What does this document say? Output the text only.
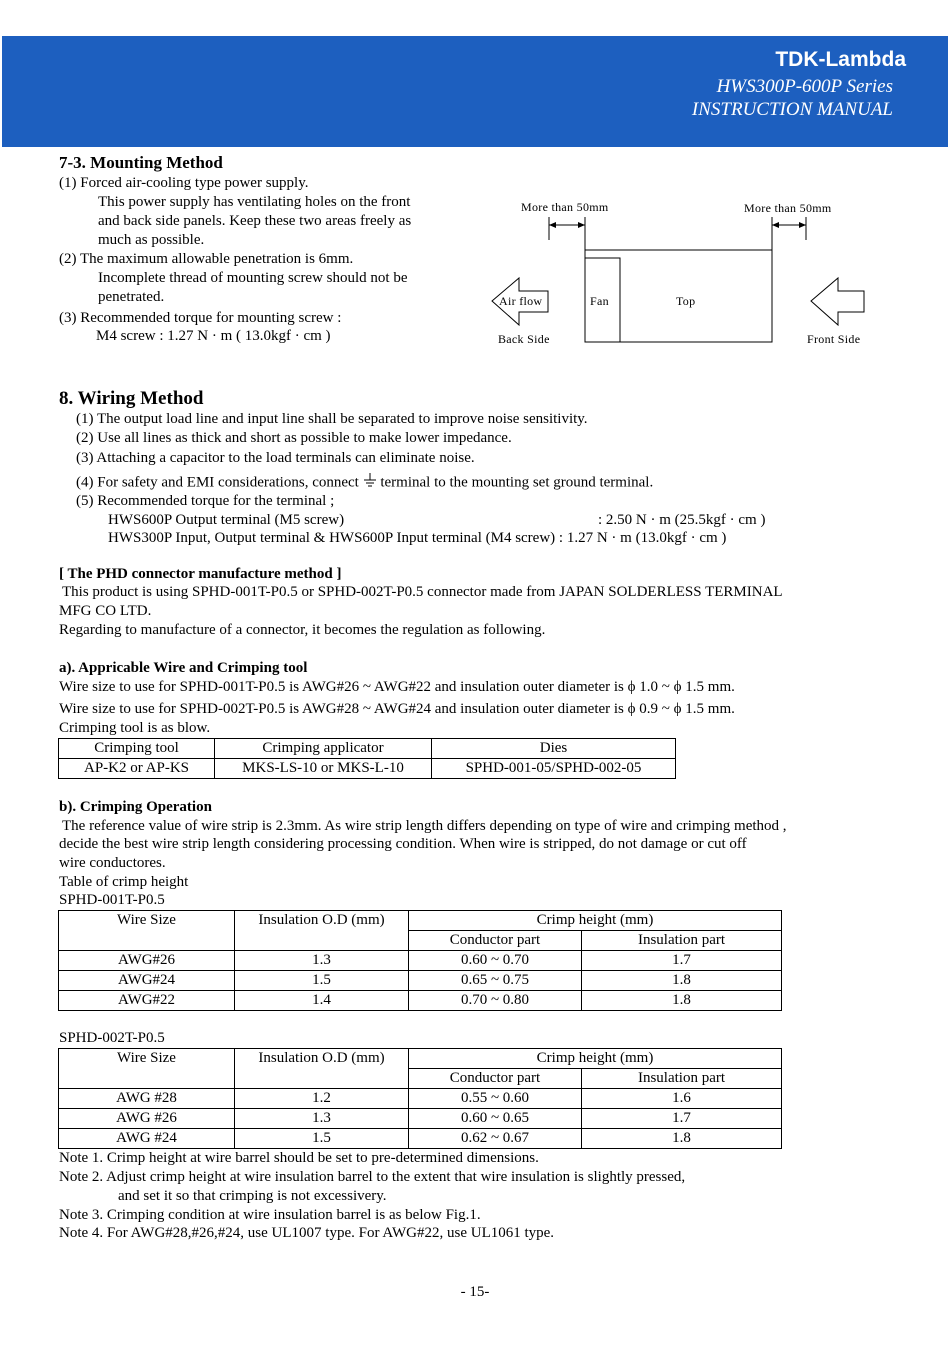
TDK-Lambda
HWS300P-600P Series
INSTRUCTION MANUAL
7-3. Mounting Method
(1) Forced air-cooling type power supply.
This power supply has ventilating holes on the front
and back side panels. Keep these two areas freely as
much as possible.
(2) The maximum allowable penetration is 6mm.
Incomplete thread of mounting screw should not be
penetrated.
(3) Recommended torque for mounting screw :
M4 screw : 1.27 N · m ( 13.0kgf · cm )
More than 50mm	More than 50mm
Air flow	Fan	Top
Back Side	Front Side
8. Wiring Method
(1) The output load line and input line shall be separated to improve noise sensitivity.
(2) Use all lines as thick and short as possible to make lower impedance.
(3) Attaching a capacitor to the load terminals can eliminate noise.
(4) For safety and EMI considerations, connect terminal to the mounting set ground terminal.
(5) Recommended torque for the terminal ;
HWS600P Output terminal (M5 screw)	: 2.50 N · m (25.5kgf · cm )
HWS300P Input, Output terminal & HWS600P Input terminal (M4 screw) : 1.27 N · m (13.0kgf · cm )
[ The PHD connector manufacture method ]
This product is using SPHD-001T-P0.5 or SPHD-002T-P0.5 connector made from JAPAN SOLDERLESS TERMINAL
MFG CO LTD.
Regarding to manufacture of a connector, it becomes the regulation as following.
a). Appricable Wire and Crimping tool
Wire size to use for SPHD-001T-P0.5 is AWG#26 ~ AWG#22 and insulation outer diameter is ϕ 1.0 ~ ϕ 1.5 mm.
Wire size to use for SPHD-002T-P0.5 is AWG#28 ~ AWG#24 and insulation outer diameter is ϕ 0.9 ~ ϕ 1.5 mm.
Crimping tool is as blow.
Crimping tool	Crimping applicator	Dies
AP-K2 or AP-KS	MKS-LS-10 or MKS-L-10	SPHD-001-05/SPHD-002-05
b). Crimping Operation
The reference value of wire strip is 2.3mm. As wire strip length differs depending on type of wire and crimping method ,
decide the best wire strip length considering processing condition. When wire is stripped, do not damage or cut off
wire conductores.
Table of crimp height
SPHD-001T-P0.5
Wire Size	Insulation O.D (mm)	Crimp height (mm)	
		Conductor part	Insulation part
AWG#26	1.3	0.60 ~ 0.70	1.7
AWG#24	1.5	0.65 ~ 0.75	1.8
AWG#22	1.4	0.70 ~ 0.80	1.8
SPHD-002T-P0.5
Wire Size	Insulation O.D (mm)	Crimp height (mm)	
		Conductor part	Insulation part
AWG #28	1.2	0.55 ~ 0.60	1.6
AWG #26	1.3	0.60 ~ 0.65	1.7
AWG #24	1.5	0.62 ~ 0.67	1.8
Note 1. Crimp height at wire barrel should be set to pre-determined dimensions.
Note 2. Adjust crimp height at wire insulation barrel to the extent that wire insulation is slightly pressed,
and set it so that crimping is not excessivery.
Note 3. Crimping condition at wire insulation barrel is as below Fig.1.
Note 4. For AWG#28,#26,#24, use UL1007 type. For AWG#22, use UL1061 type.
- 15-
